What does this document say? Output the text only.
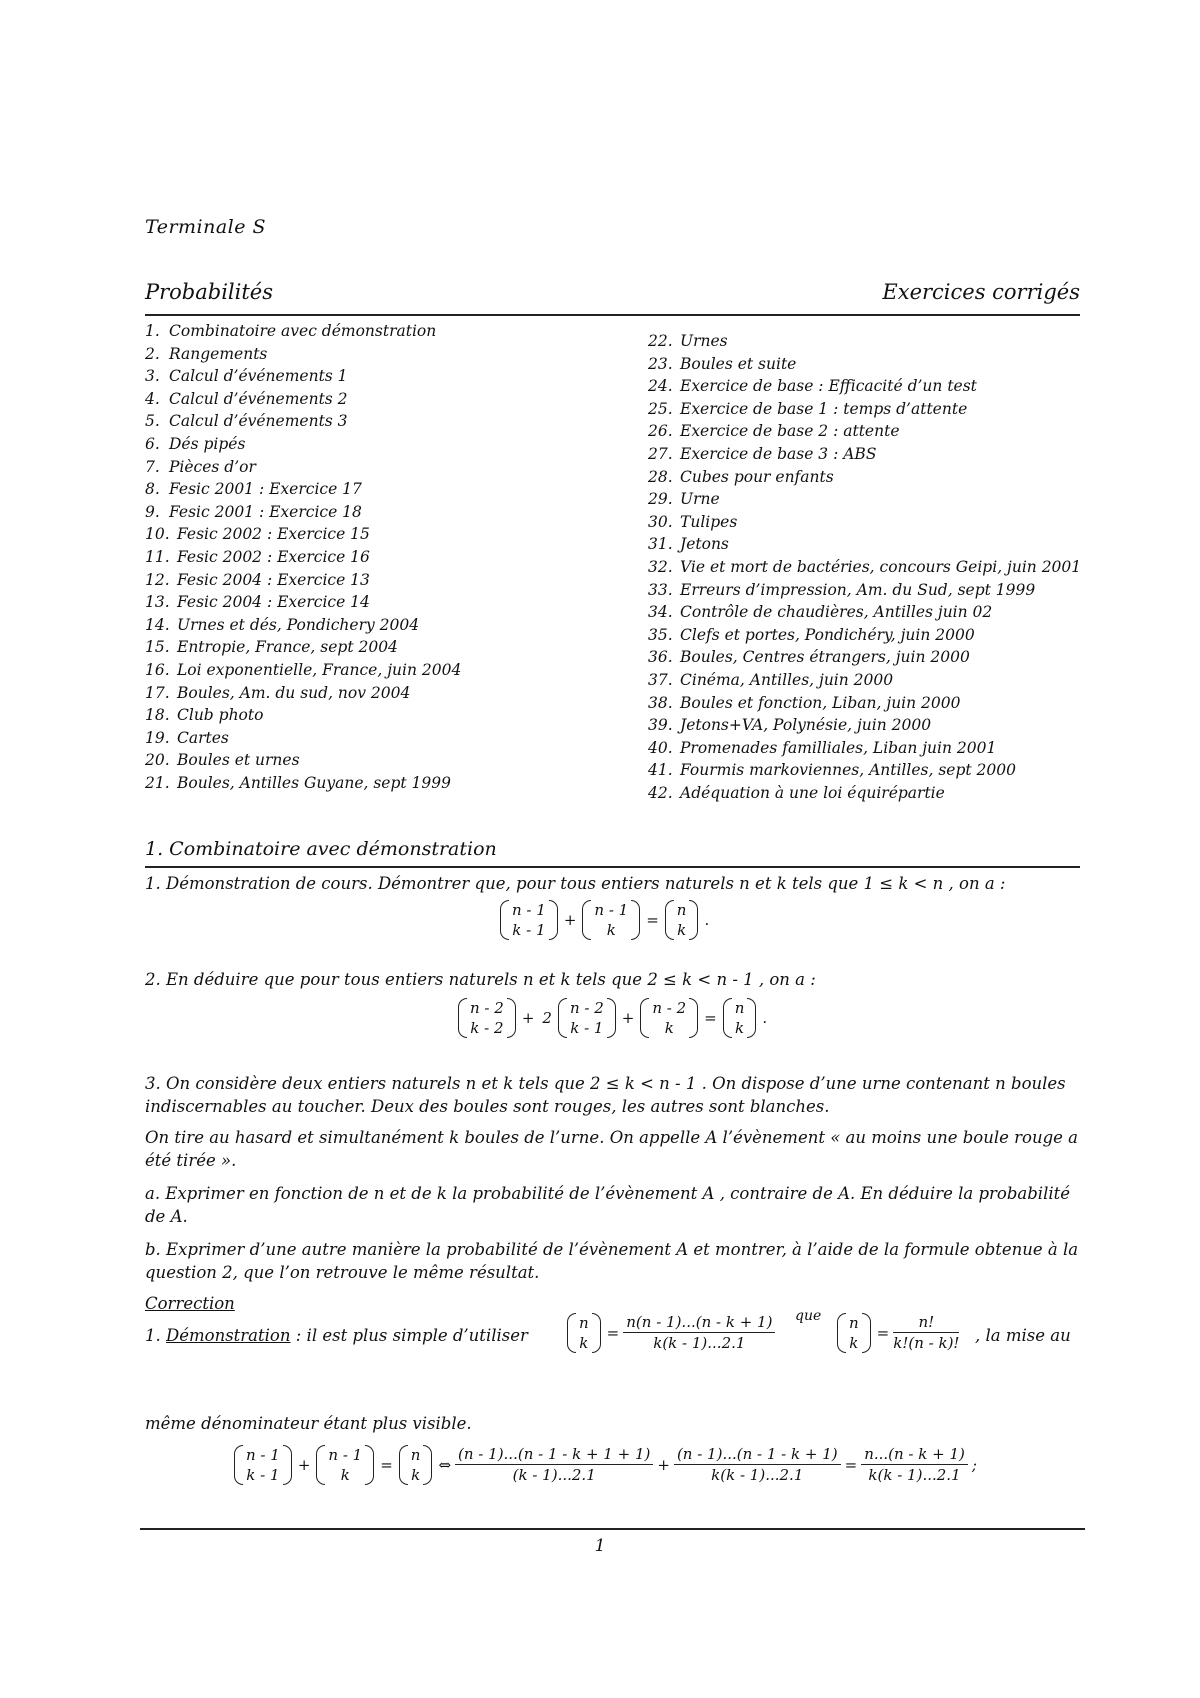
Terminale S
Probabilités	Exercices corrigés
1. Combinatoire avec démonstration
2. Rangements
3. Calcul d’événements 1
4. Calcul d’événements 2
5. Calcul d’événements 3
6. Dés pipés
7. Pièces d’or
8. Fesic 2001 : Exercice 17
9. Fesic 2001 : Exercice 18
10. Fesic 2002 : Exercice 15
11. Fesic 2002 : Exercice 16
12. Fesic 2004 : Exercice 13
13. Fesic 2004 : Exercice 14
14. Urnes et dés, Pondichery 2004
15. Entropie, France, sept 2004
16. Loi exponentielle, France, juin 2004
17. Boules, Am. du sud, nov 2004
18. Club photo
19. Cartes
20. Boules et urnes
21. Boules, Antilles Guyane, sept 1999
22. Urnes
23. Boules et suite
24. Exercice de base : Efficacité d’un test
25. Exercice de base 1 : temps d’attente
26. Exercice de base 2 : attente
27. Exercice de base 3 : ABS
28. Cubes pour enfants
29. Urne
30. Tulipes
31. Jetons
32. Vie et mort de bactéries, concours Geipi, juin 2001
33. Erreurs d’impression, Am. du Sud, sept 1999
34. Contrôle de chaudières, Antilles juin 02
35. Clefs et portes, Pondichéry, juin 2000
36. Boules, Centres étrangers, juin 2000
37. Cinéma, Antilles, juin 2000
38. Boules et fonction, Liban, juin 2000
39. Jetons+VA, Polynésie, juin 2000
40. Promenades familliales, Liban juin 2001
41. Fourmis markoviennes, Antilles, sept 2000
42. Adéquation à une loi équirépartie
1. Combinatoire avec démonstration
1. Démonstration de cours. Démontrer que, pour tous entiers naturels n et k tels que 1 ≤ k < n , on a :
n - 1
k - 1
+
n - 1
k
=
n
k
.
2. En déduire que pour tous entiers naturels n et k tels que 2 ≤ k < n - 1 , on a :
n - 2
k - 2
+ 2
n - 2
k - 1
+
n - 2
k
=
n
k
.
3. On considère deux entiers naturels n et k tels que 2 ≤ k < n - 1 . On dispose d’une urne contenant n boules indiscernables au toucher. Deux des boules sont rouges, les autres sont blanches.
On tire au hasard et simultanément k boules de l’urne. On appelle A l’évènement « au moins une boule rouge a été tirée ».
a. Exprimer en fonction de n et de k la probabilité de l’évènement A , contraire de A. En déduire la probabilité de A.
b. Exprimer d’une autre manière la probabilité de l’évènement A et montrer, à l’aide de la formule obtenue à la question 2, que l’on retrouve le même résultat.
Correction
1. Démonstration : il est plus simple d’utiliser
n
k
= $\frac{n(n - 1)...(n - k + 1)}{k(k - 1)...2.1}$ que n
k
= $\frac{n!}{k!(n - k)!}$ , la mise au
même dénominateur étant plus visible.
n - 1
k - 1
+
n - 1
k
=
n
k
⇔ $\frac{(n - 1)...(n - 1 - k + 1 + 1)}{(k - 1)...2.1} + \frac{(n - 1)...(n - 1 - k + 1)}{k(k - 1)...2.1} = \frac{n...(n - k + 1)}{k(k - 1)...2.1}$ ;
1
